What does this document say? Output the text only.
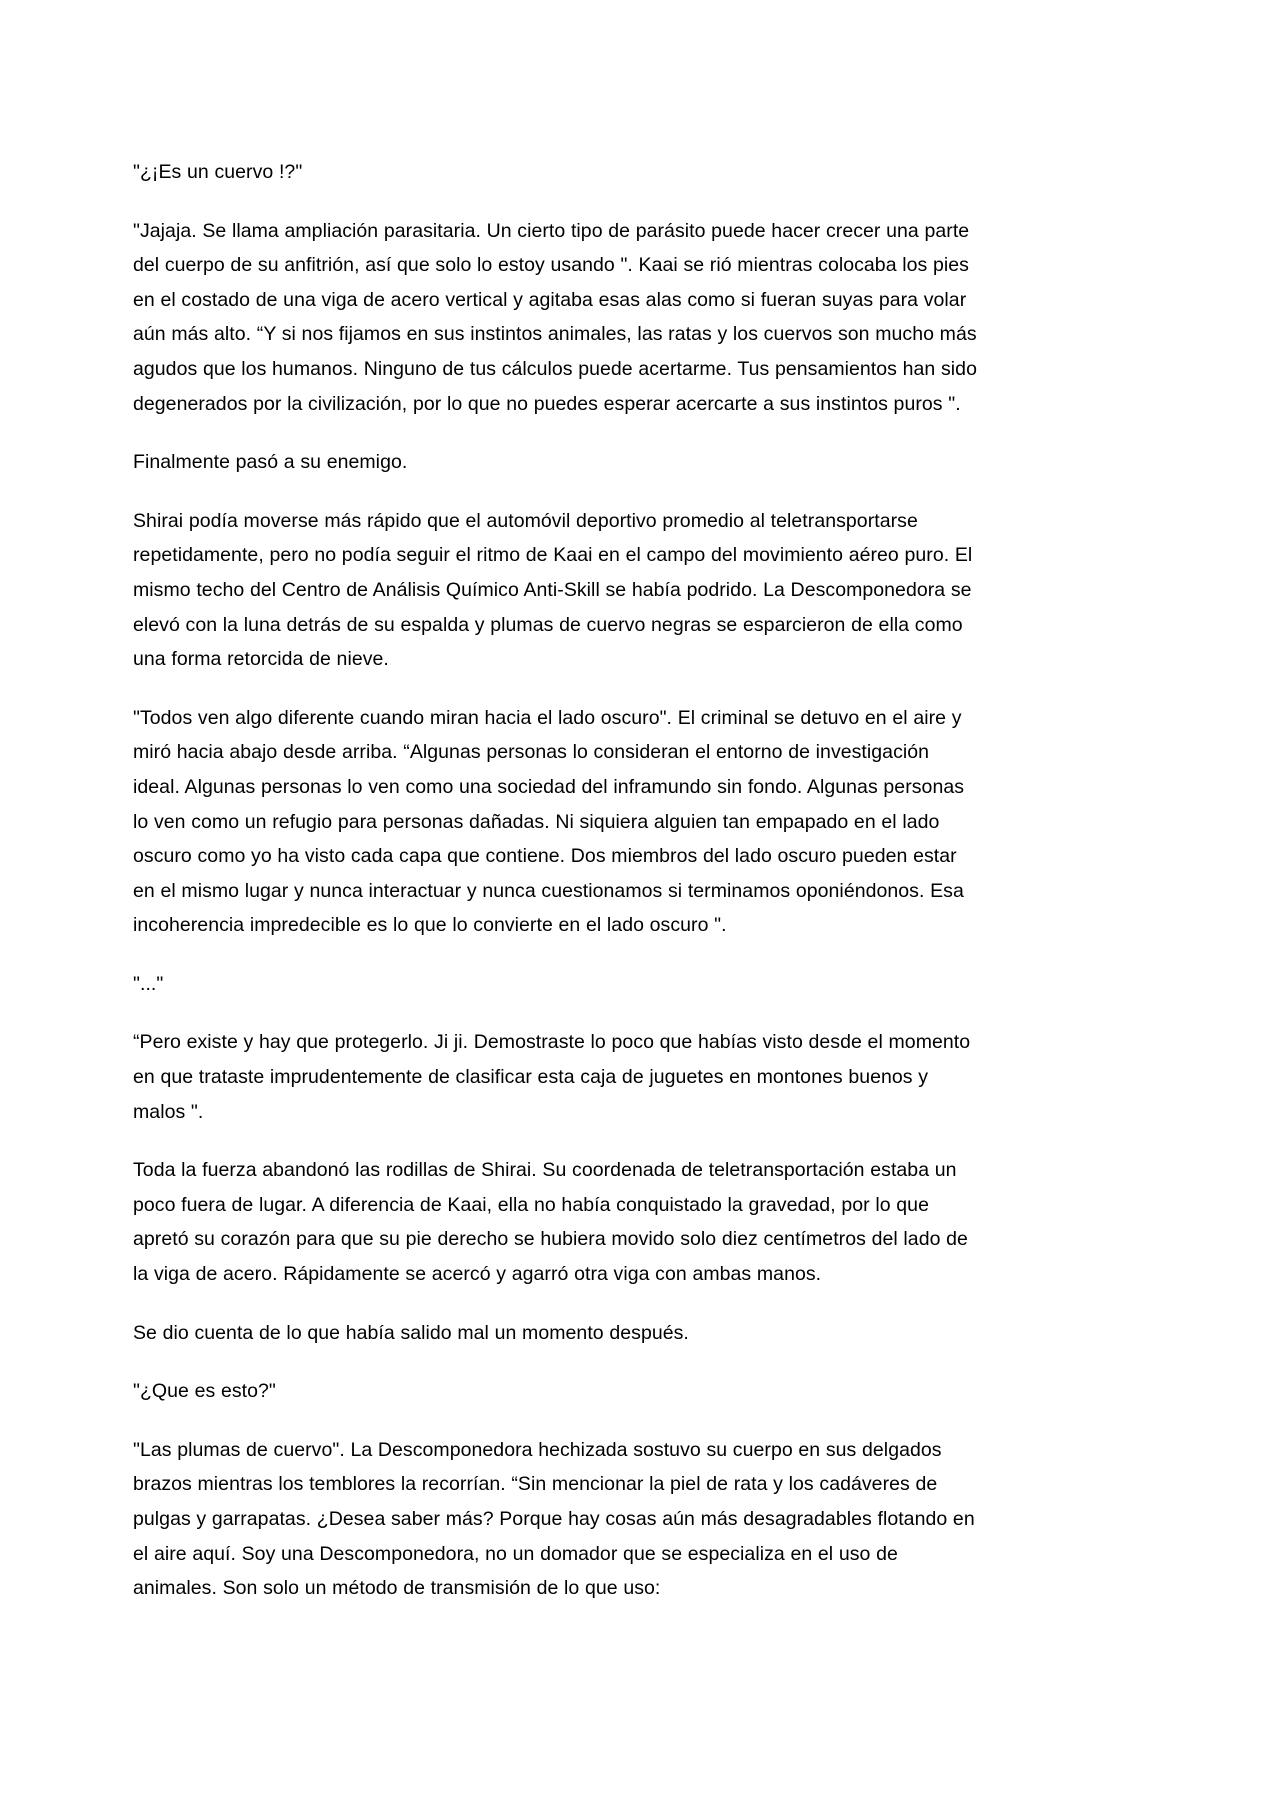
"¿¡Es un cuervo !?"

"Jajaja. Se llama ampliación parasitaria. Un cierto tipo de parásito puede hacer crecer una parte del cuerpo de su anfitrión, así que solo lo estoy usando ". Kaai se rió mientras colocaba los pies en el costado de una viga de acero vertical y agitaba esas alas como si fueran suyas para volar aún más alto. “Y si nos fijamos en sus instintos animales, las ratas y los cuervos son mucho más agudos que los humanos. Ninguno de tus cálculos puede acertarme. Tus pensamientos han sido degenerados por la civilización, por lo que no puedes esperar acercarte a sus instintos puros ".

Finalmente pasó a su enemigo.

Shirai podía moverse más rápido que el automóvil deportivo promedio al teletransportarse repetidamente, pero no podía seguir el ritmo de Kaai en el campo del movimiento aéreo puro. El mismo techo del Centro de Análisis Químico Anti-Skill se había podrido. La Descomponedora se elevó con la luna detrás de su espalda y plumas de cuervo negras se esparcieron de ella como una forma retorcida de nieve.

"Todos ven algo diferente cuando miran hacia el lado oscuro". El criminal se detuvo en el aire y miró hacia abajo desde arriba. “Algunas personas lo consideran el entorno de investigación ideal. Algunas personas lo ven como una sociedad del inframundo sin fondo. Algunas personas lo ven como un refugio para personas dañadas. Ni siquiera alguien tan empapado en el lado oscuro como yo ha visto cada capa que contiene. Dos miembros del lado oscuro pueden estar en el mismo lugar y nunca interactuar y nunca cuestionamos si terminamos oponiéndonos. Esa incoherencia impredecible es lo que lo convierte en el lado oscuro ".

"..."

“Pero existe y hay que protegerlo. Ji ji. Demostraste lo poco que habías visto desde el momento en que trataste imprudentemente de clasificar esta caja de juguetes en montones buenos y malos ".

Toda la fuerza abandonó las rodillas de Shirai. Su coordenada de teletransportación estaba un poco fuera de lugar. A diferencia de Kaai, ella no había conquistado la gravedad, por lo que apretó su corazón para que su pie derecho se hubiera movido solo diez centímetros del lado de la viga de acero. Rápidamente se acercó y agarró otra viga con ambas manos.

Se dio cuenta de lo que había salido mal un momento después.

"¿Que es esto?"

"Las plumas de cuervo". La Descomponedora hechizada sostuvo su cuerpo en sus delgados brazos mientras los temblores la recorrían. “Sin mencionar la piel de rata y los cadáveres de pulgas y garrapatas. ¿Desea saber más? Porque hay cosas aún más desagradables flotando en el aire aquí. Soy una Descomponedora, no un domador que se especializa en el uso de animales. Son solo un método de transmisión de lo que uso:
